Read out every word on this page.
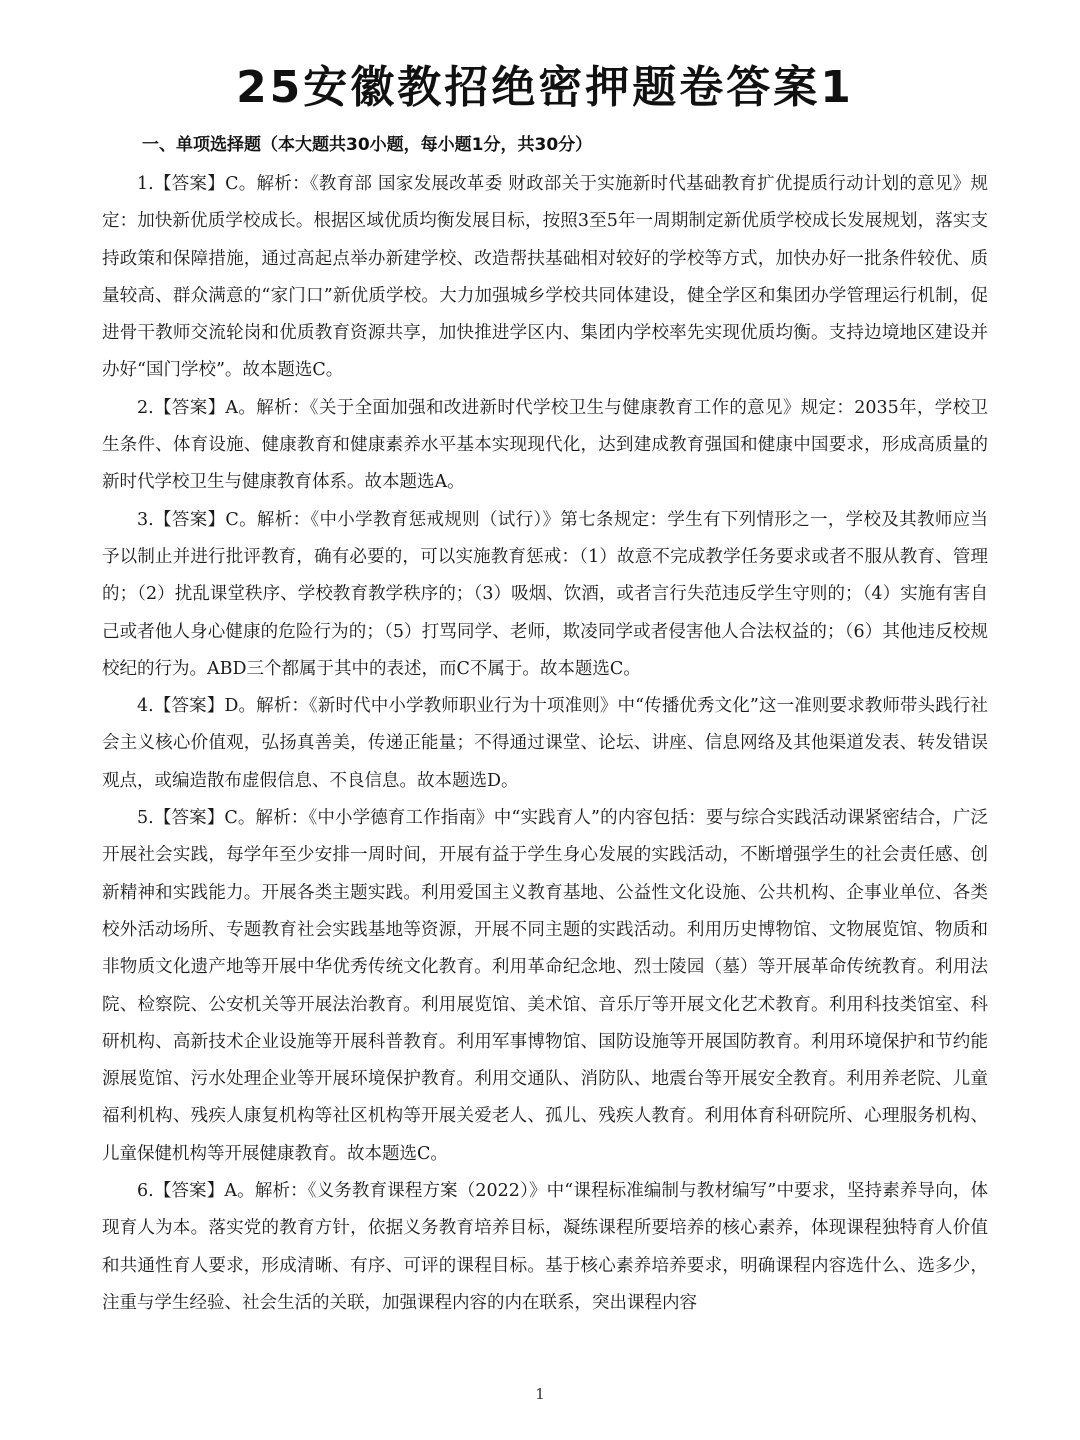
25安徽教招绝密押题卷答案1
一、单项选择题（本大题共30小题，每小题1分，共30分）

1.【答案】C。解析：《教育部 国家发展改革委 财政部关于实施新时代基础教育扩优提质行动计划的意见》规定：加快新优质学校成长。根据区域优质均衡发展目标，按照3至5年一周期制定新优质学校成长发展规划，落实支持政策和保障措施，通过高起点举办新建学校、改造帮扶基础相对较好的学校等方式，加快办好一批条件较优、质量较高、群众满意的“家门口”新优质学校。大力加强城乡学校共同体建设，健全学区和集团办学管理运行机制，促进骨干教师交流轮岗和优质教育资源共享，加快推进学区内、集团内学校率先实现优质均衡。支持边境地区建设并办好“国门学校”。故本题选C。

2.【答案】A。解析：《关于全面加强和改进新时代学校卫生与健康教育工作的意见》规定：2035年，学校卫生条件、体育设施、健康教育和健康素养水平基本实现现代化，达到建成教育强国和健康中国要求，形成高质量的新时代学校卫生与健康教育体系。故本题选A。

3.【答案】C。解析：《中小学教育惩戒规则（试行）》第七条规定：学生有下列情形之一，学校及其教师应当予以制止并进行批评教育，确有必要的，可以实施教育惩戒：（1）故意不完成教学任务要求或者不服从教育、管理的；（2）扰乱课堂秩序、学校教育教学秩序的；（3）吸烟、饮酒，或者言行失范违反学生守则的；（4）实施有害自己或者他人身心健康的危险行为的；（5）打骂同学、老师，欺凌同学或者侵害他人合法权益的；（6）其他违反校规校纪的行为。ABD三个都属于其中的表述，而C不属于。故本题选C。

4.【答案】D。解析：《新时代中小学教师职业行为十项准则》中“传播优秀文化”这一准则要求教师带头践行社会主义核心价值观，弘扬真善美，传递正能量；不得通过课堂、论坛、讲座、信息网络及其他渠道发表、转发错误观点，或编造散布虚假信息、不良信息。故本题选D。

5.【答案】C。解析：《中小学德育工作指南》中“实践育人”的内容包括：要与综合实践活动课紧密结合，广泛开展社会实践，每学年至少安排一周时间，开展有益于学生身心发展的实践活动，不断增强学生的社会责任感、创新精神和实践能力。开展各类主题实践。利用爱国主义教育基地、公益性文化设施、公共机构、企事业单位、各类校外活动场所、专题教育社会实践基地等资源，开展不同主题的实践活动。利用历史博物馆、文物展览馆、物质和非物质文化遗产地等开展中华优秀传统文化教育。利用革命纪念地、烈士陵园（墓）等开展革命传统教育。利用法院、检察院、公安机关等开展法治教育。利用展览馆、美术馆、音乐厅等开展文化艺术教育。利用科技类馆室、科研机构、高新技术企业设施等开展科普教育。利用军事博物馆、国防设施等开展国防教育。利用环境保护和节约能源展览馆、污水处理企业等开展环境保护教育。利用交通队、消防队、地震台等开展安全教育。利用养老院、儿童福利机构、残疾人康复机构等社区机构等开展关爱老人、孤儿、残疾人教育。利用体育科研院所、心理服务机构、儿童保健机构等开展健康教育。故本题选C。

6.【答案】A。解析：《义务教育课程方案（2022）》中“课程标准编制与教材编写”中要求，坚持素养导向，体现育人为本。落实党的教育方针，依据义务教育培养目标，凝练课程所要培养的核心素养，体现课程独特育人价值和共通性育人要求，形成清晰、有序、可评的课程目标。基于核心素养培养要求，明确课程内容选什么、选多少，注重与学生经验、社会生活的关联，加强课程内容的内在联系，突出课程内容

1
